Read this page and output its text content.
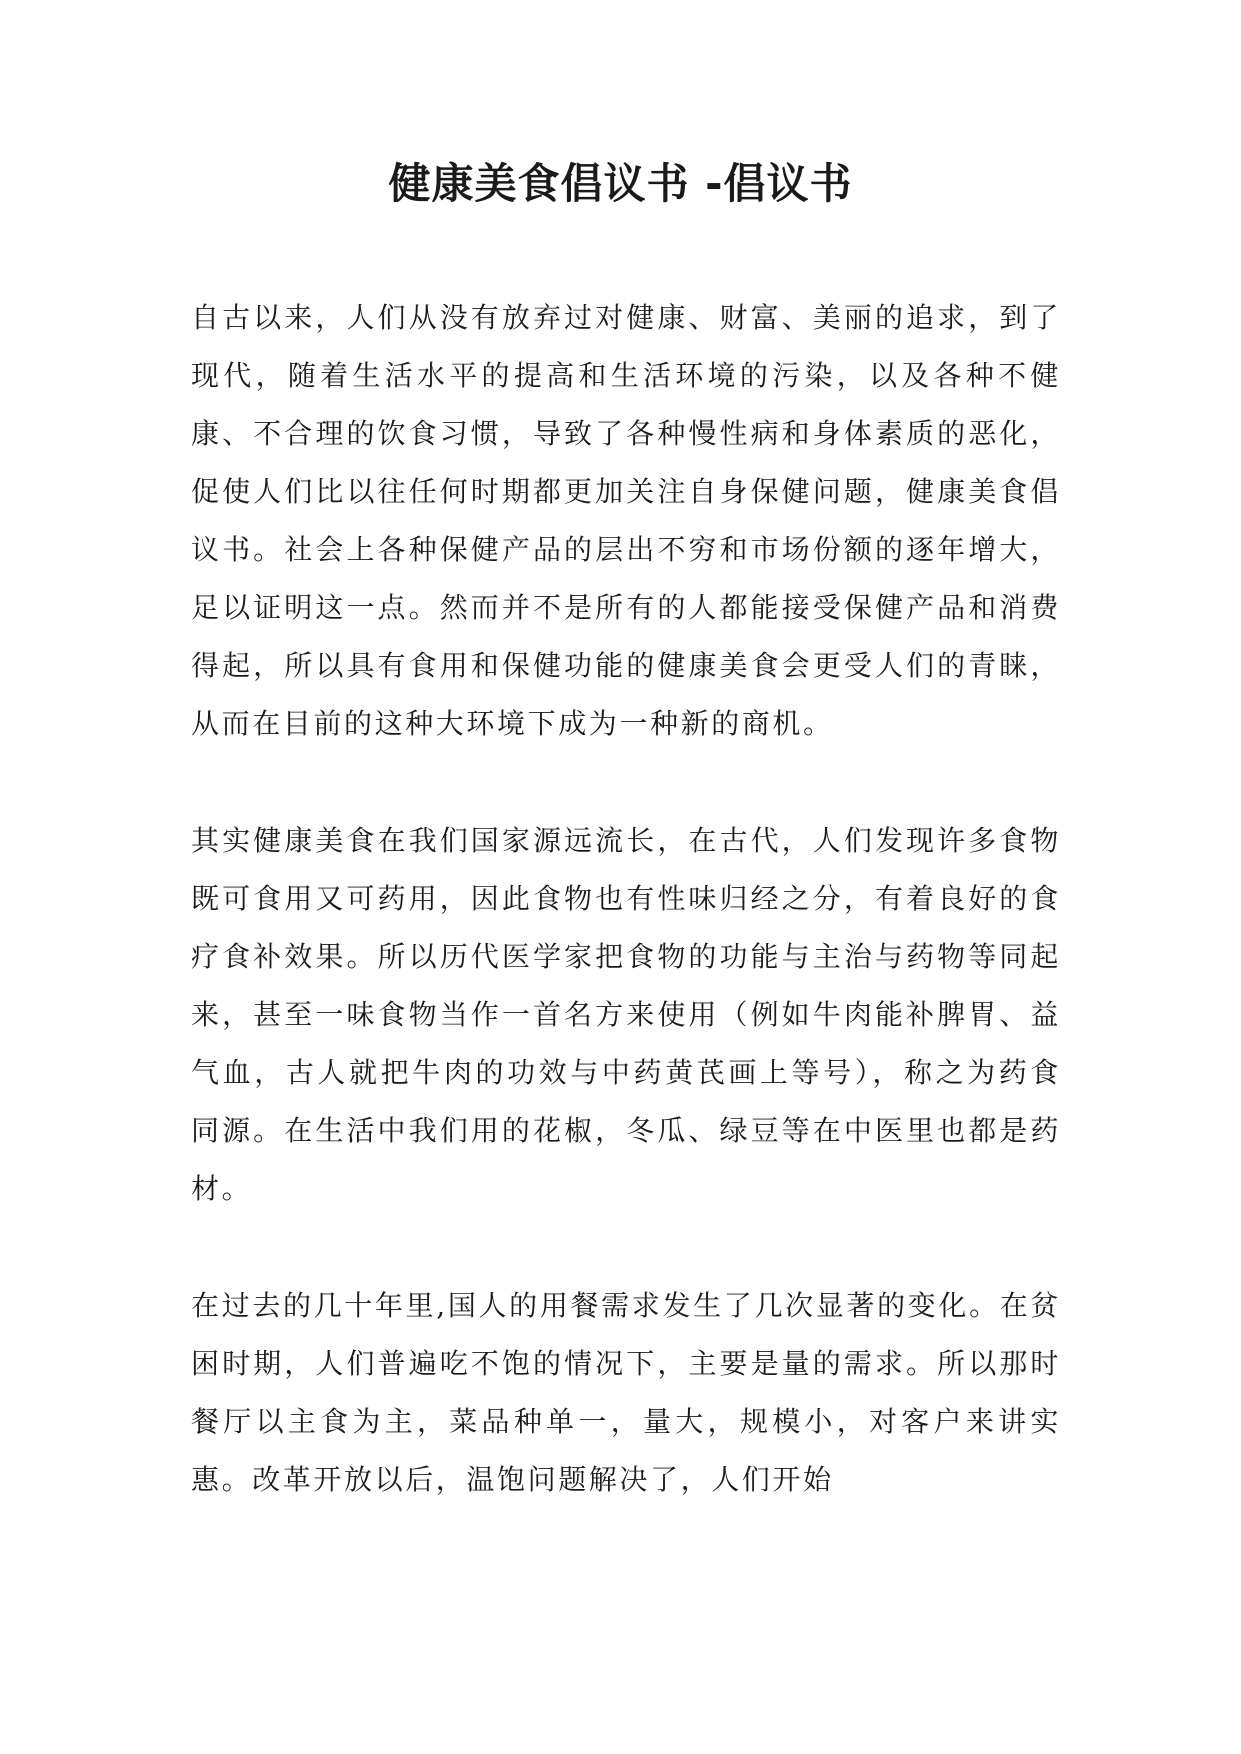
健康美食倡议书 -倡议书

自古以来，人们从没有放弃过对健康、财富、美丽的追求，到了现代，随着生活水平的提高和生活环境的污染，以及各种不健康、不合理的饮食习惯，导致了各种慢性病和身体素质的恶化，促使人们比以往任何时期都更加关注自身保健问题，健康美食倡议书。社会上各种保健产品的层出不穷和市场份额的逐年增大，足以证明这一点。然而并不是所有的人都能接受保健产品和消费得起，所以具有食用和保健功能的健康美食会更受人们的青睐，从而在目前的这种大环境下成为一种新的商机。

其实健康美食在我们国家源远流长，在古代，人们发现许多食物既可食用又可药用，因此食物也有性味归经之分，有着良好的食疗食补效果。所以历代医学家把食物的功能与主治与药物等同起来，甚至一味食物当作一首名方来使用（例如牛肉能补脾胃、益气血，古人就把牛肉的功效与中药黄芪画上等号），称之为药食同源。在生活中我们用的花椒，冬瓜、绿豆等在中医里也都是药材。

在过去的几十年里,国人的用餐需求发生了几次显著的变化。在贫困时期，人们普遍吃不饱的情况下，主要是量的需求。所以那时餐厅以主食为主，菜品种单一，量大，规模小，对客户来讲实惠。改革开放以后，温饱问题解决了，人们开始
